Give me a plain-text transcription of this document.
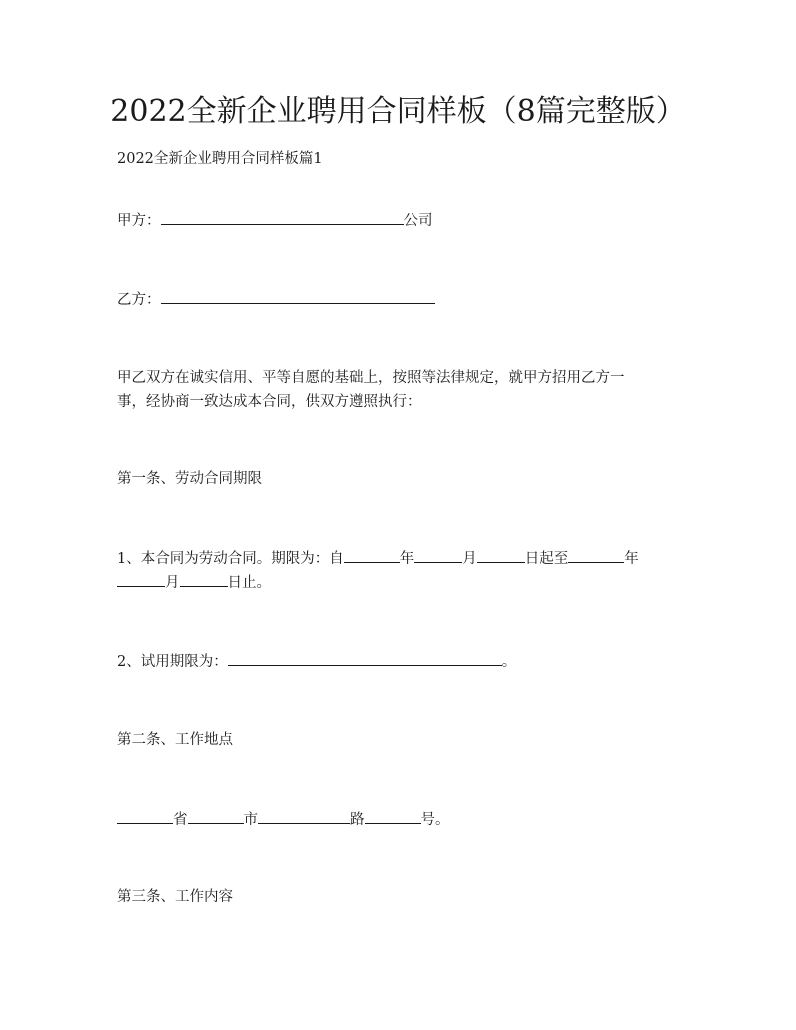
2022全新企业聘用合同样板（8篇完整版）
2022全新企业聘用合同样板篇1
甲方：	公司
乙方：
甲乙双方在诚实信用、平等自愿的基础上，按照等法律规定，就甲方招用乙方一
事，经协商一致达成本合同，供双方遵照执行：
第一条、劳动合同期限
1、本合同为劳动合同。期限为：自	年	月	日起至	年
月	日止。
2、试用期限为：	。
第二条、工作地点
省	市	路	号。
第三条、工作内容
